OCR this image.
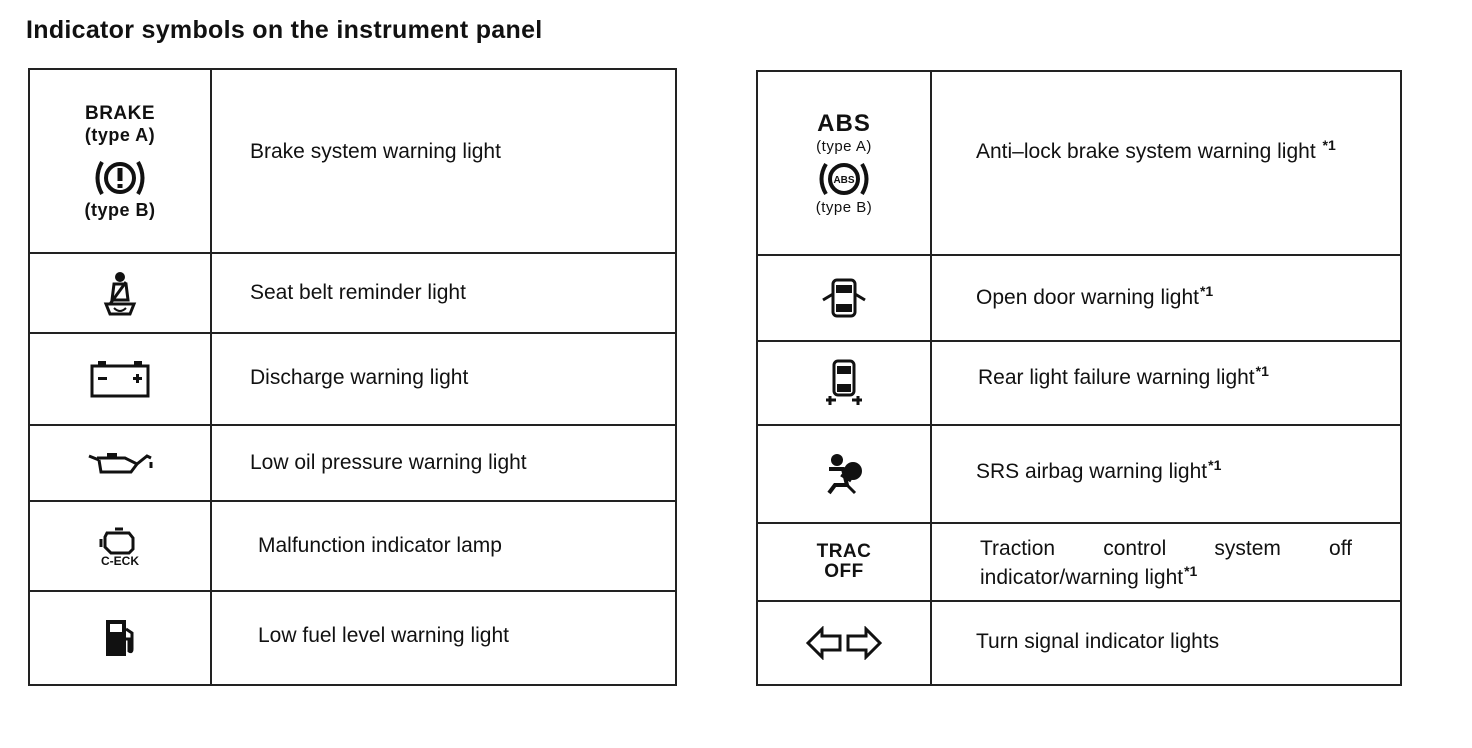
Indicator symbols on the instrument panel
BRAKE
(type A)
(type B)
Brake system warning light
Seat belt reminder light
Discharge warning light
Low oil pressure warning light
C-ECK
Malfunction indicator lamp
Low fuel level warning light
ABS
(type A)
ABS
(type B)
Anti–lock brake system warning light $^{*1}$
Open door warning light$^{*1}$
Rear light failure warning light$^{*1}$
SRS airbag warning light$^{*1}$
TRAC
OFF
Traction control system off
indicator/warning light$^{*1}$
Turn signal indicator lights
